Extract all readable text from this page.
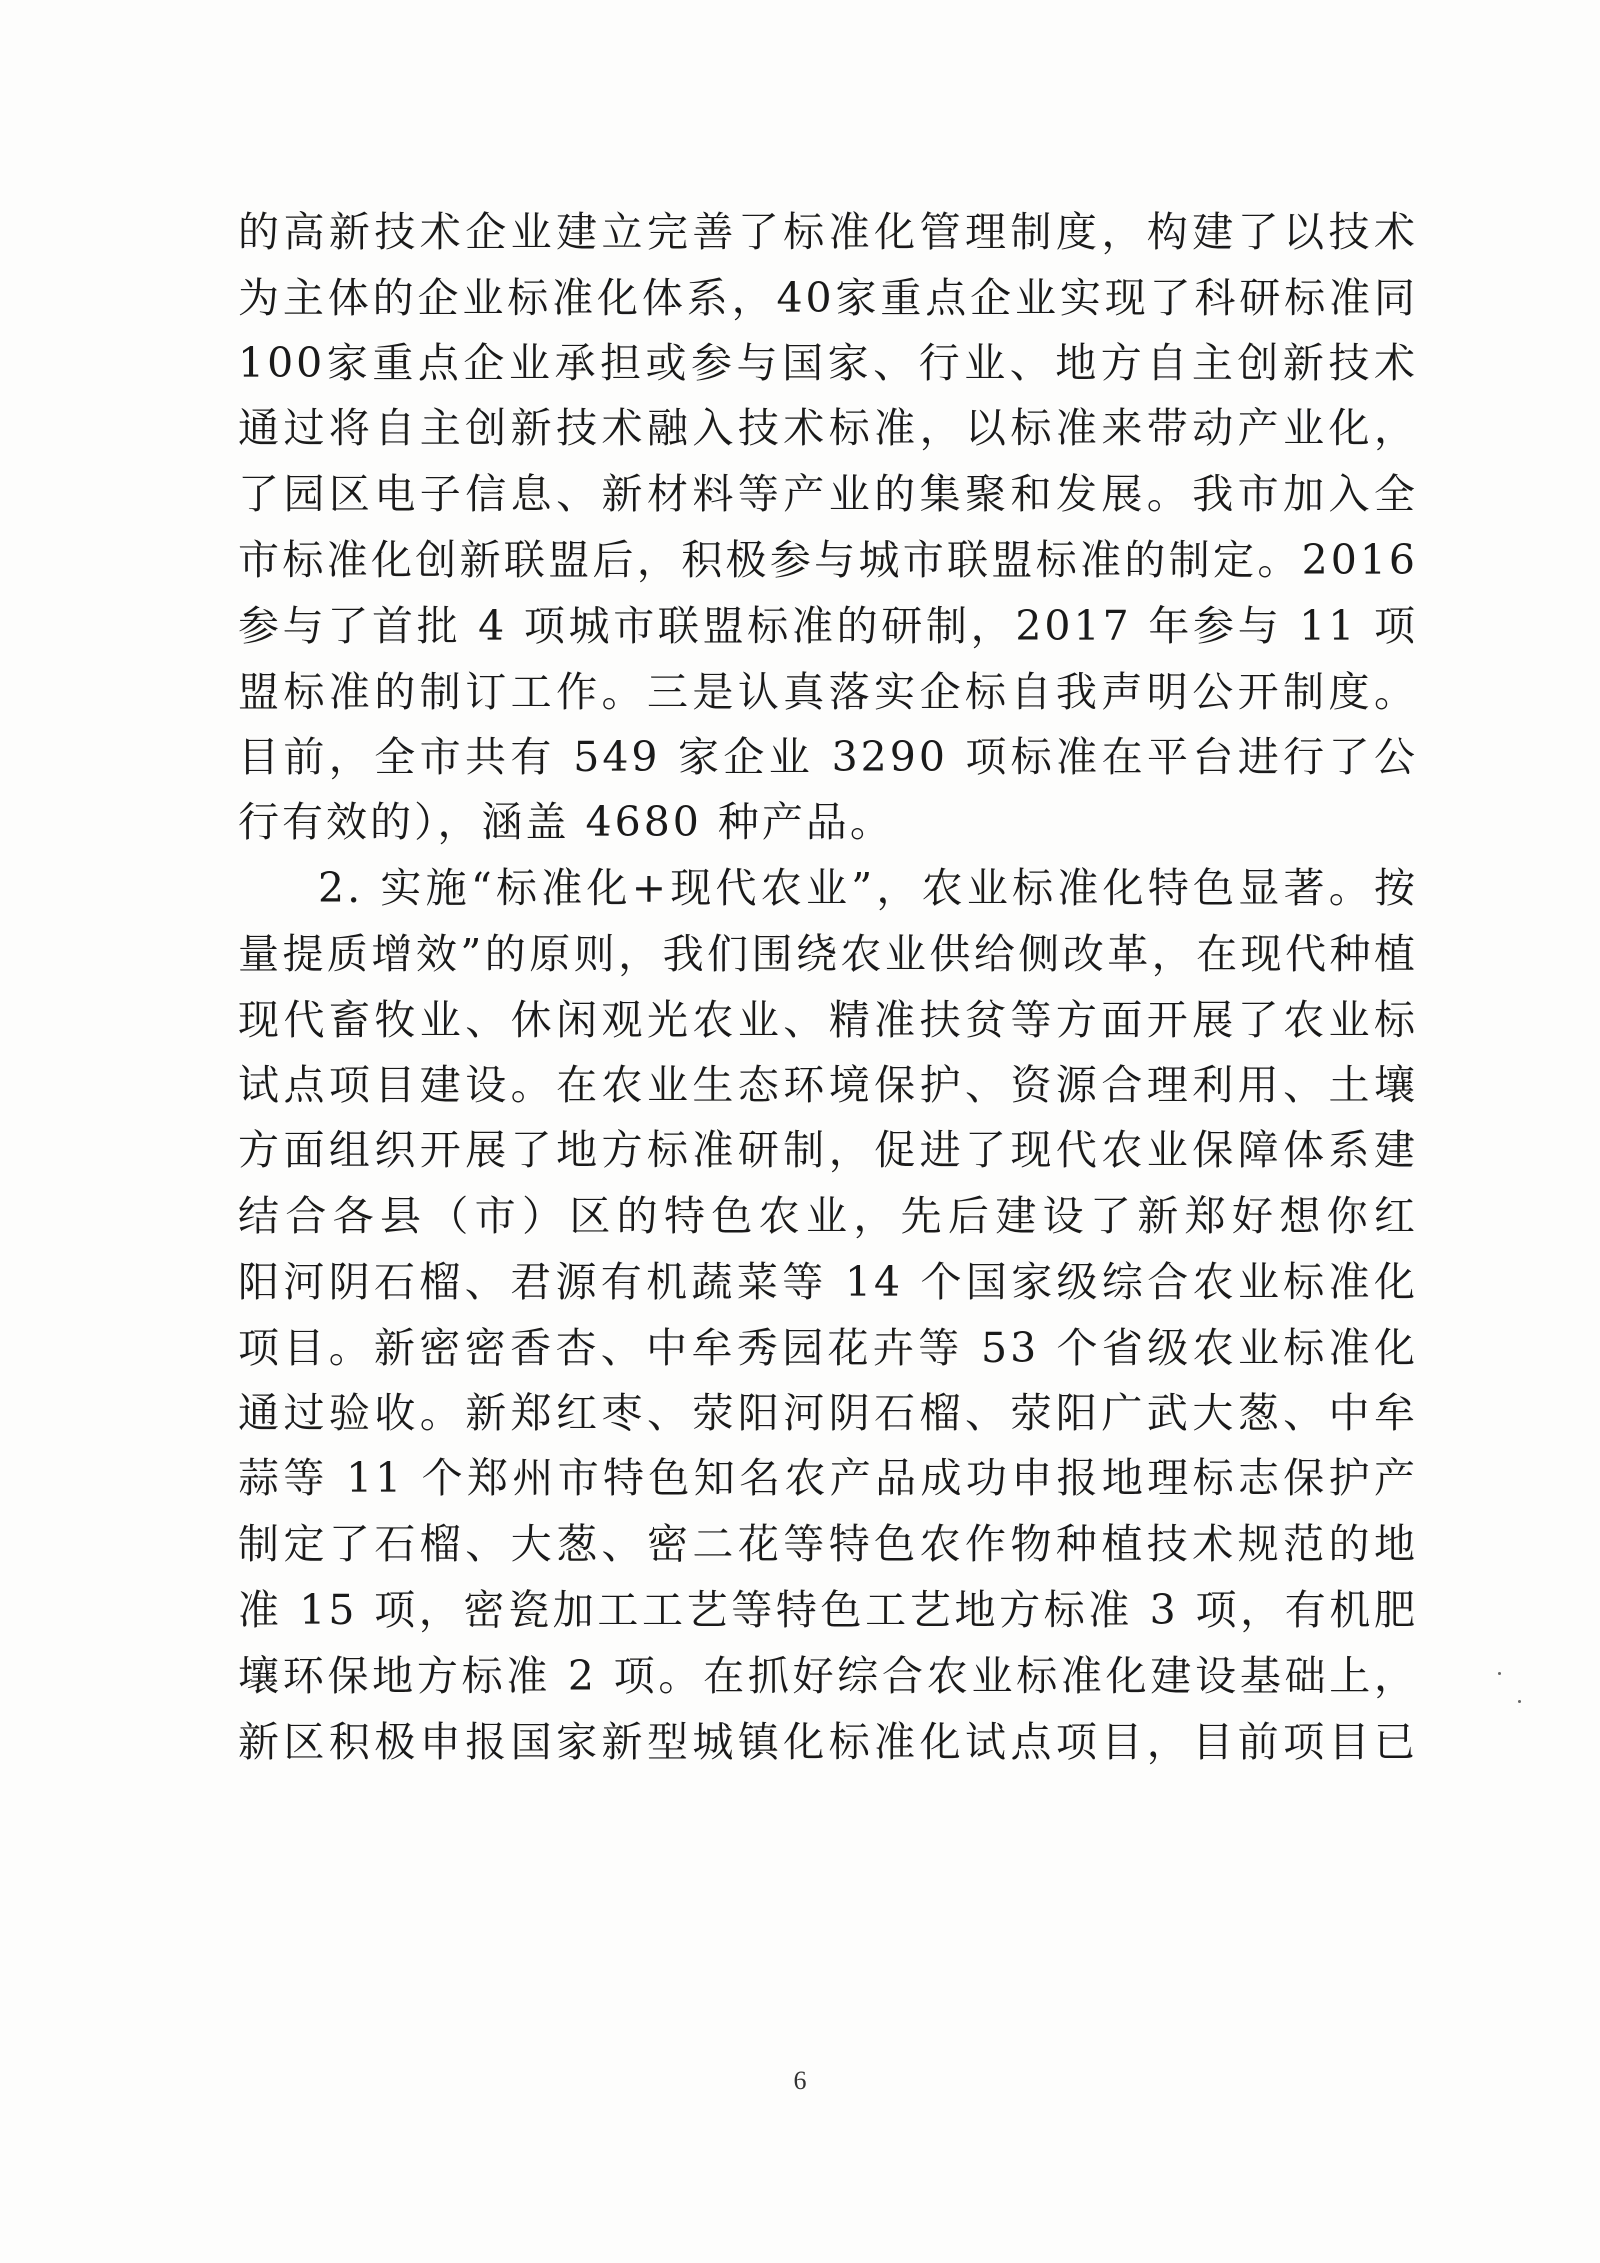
的高新技术企业建立完善了标准化管理制度，构建了以技术
为主体的企业标准化体系，40家重点企业实现了科研标准同
100家重点企业承担或参与国家、行业、地方自主创新技术
通过将自主创新技术融入技术标准，以标准来带动产业化，
了园区电子信息、新材料等产业的集聚和发展。我市加入全
市标准化创新联盟后，积极参与城市联盟标准的制定。2016
参与了首批 4 项城市联盟标准的研制，2017 年参与 11 项
盟标准的制订工作。三是认真落实企标自我声明公开制度。
目前，全市共有 549 家企业 3290 项标准在平台进行了公
行有效的），涵盖 4680 种产品。
2. 实施“标准化+现代农业”，农业标准化特色显著。按
量提质增效”的原则，我们围绕农业供给侧改革，在现代种植
现代畜牧业、休闲观光农业、精准扶贫等方面开展了农业标
试点项目建设。在农业生态环境保护、资源合理利用、土壤
方面组织开展了地方标准研制，促进了现代农业保障体系建
结合各县（市）区的特色农业，先后建设了新郑好想你红
阳河阴石榴、君源有机蔬菜等 14 个国家级综合农业标准化
项目。新密密香杏、中牟秀园花卉等 53 个省级农业标准化
通过验收。新郑红枣、荥阳河阴石榴、荥阳广武大葱、中牟
蒜等 11 个郑州市特色知名农产品成功申报地理标志保护产
制定了石榴、大葱、密二花等特色农作物种植技术规范的地
准 15 项，密瓷加工工艺等特色工艺地方标准 3 项，有机肥
壤环保地方标准 2 项。在抓好综合农业标准化建设基础上，
新区积极申报国家新型城镇化标准化试点项目，目前项目已
6
